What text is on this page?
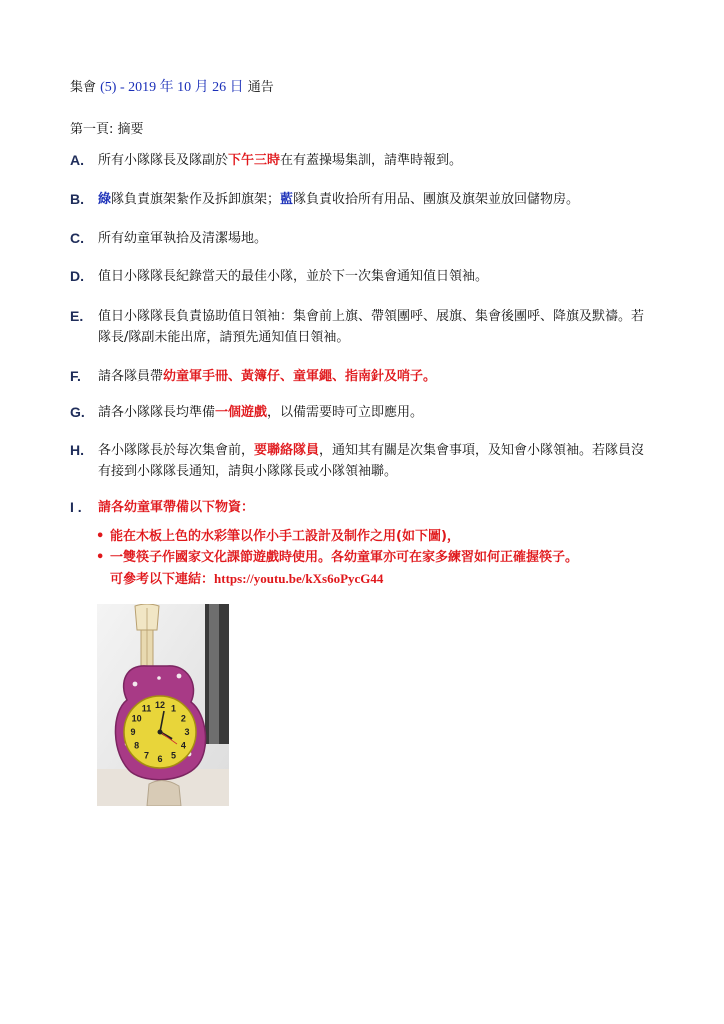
集會 (5) - 2019 年 10 月 26 日 通告
第一頁: 摘要
A. 所有小隊隊長及隊副於下午三時在有蓋操場集訓，請準時報到。
B. 綠隊負責旗架紮作及拆卸旗架；藍隊負責收拾所有用品、團旗及旗架並放回儲物房。
C. 所有幼童軍執拾及清潔場地。
D. 值日小隊隊長紀錄當天的最佳小隊，並於下一次集會通知值日領袖。
E. 值日小隊隊長負責協助值日領袖：集會前上旗、帶領團呼、展旗、集會後團呼、降旗及默禱。若隊長/隊副未能出席，請預先通知值日領袖。
F. 請各隊員帶幼童軍手冊、黃簿仔、童軍繩、指南針及哨子。
G. 請各小隊隊長均準備一個遊戲，以備需要時可立即應用。
H. 各小隊隊長於每次集會前，要聯絡隊員，通知其有關是次集會事項，及知會小隊領袖。若隊員沒有接到小隊隊長通知，請與小隊隊長或小隊領袖聯。
I . 請各幼童軍帶備以下物資：
• 能在木板上色的水彩筆以作小手工設計及制作之用(如下圖)，
• 一雙筷子作國家文化課節遊戲時使用。各幼童軍亦可在家多練習如何正確握筷子。
可參考以下連結：https://youtu.be/kXs6oPycG44
12 1
2
3
4
5
6
7
8
9
10
11
